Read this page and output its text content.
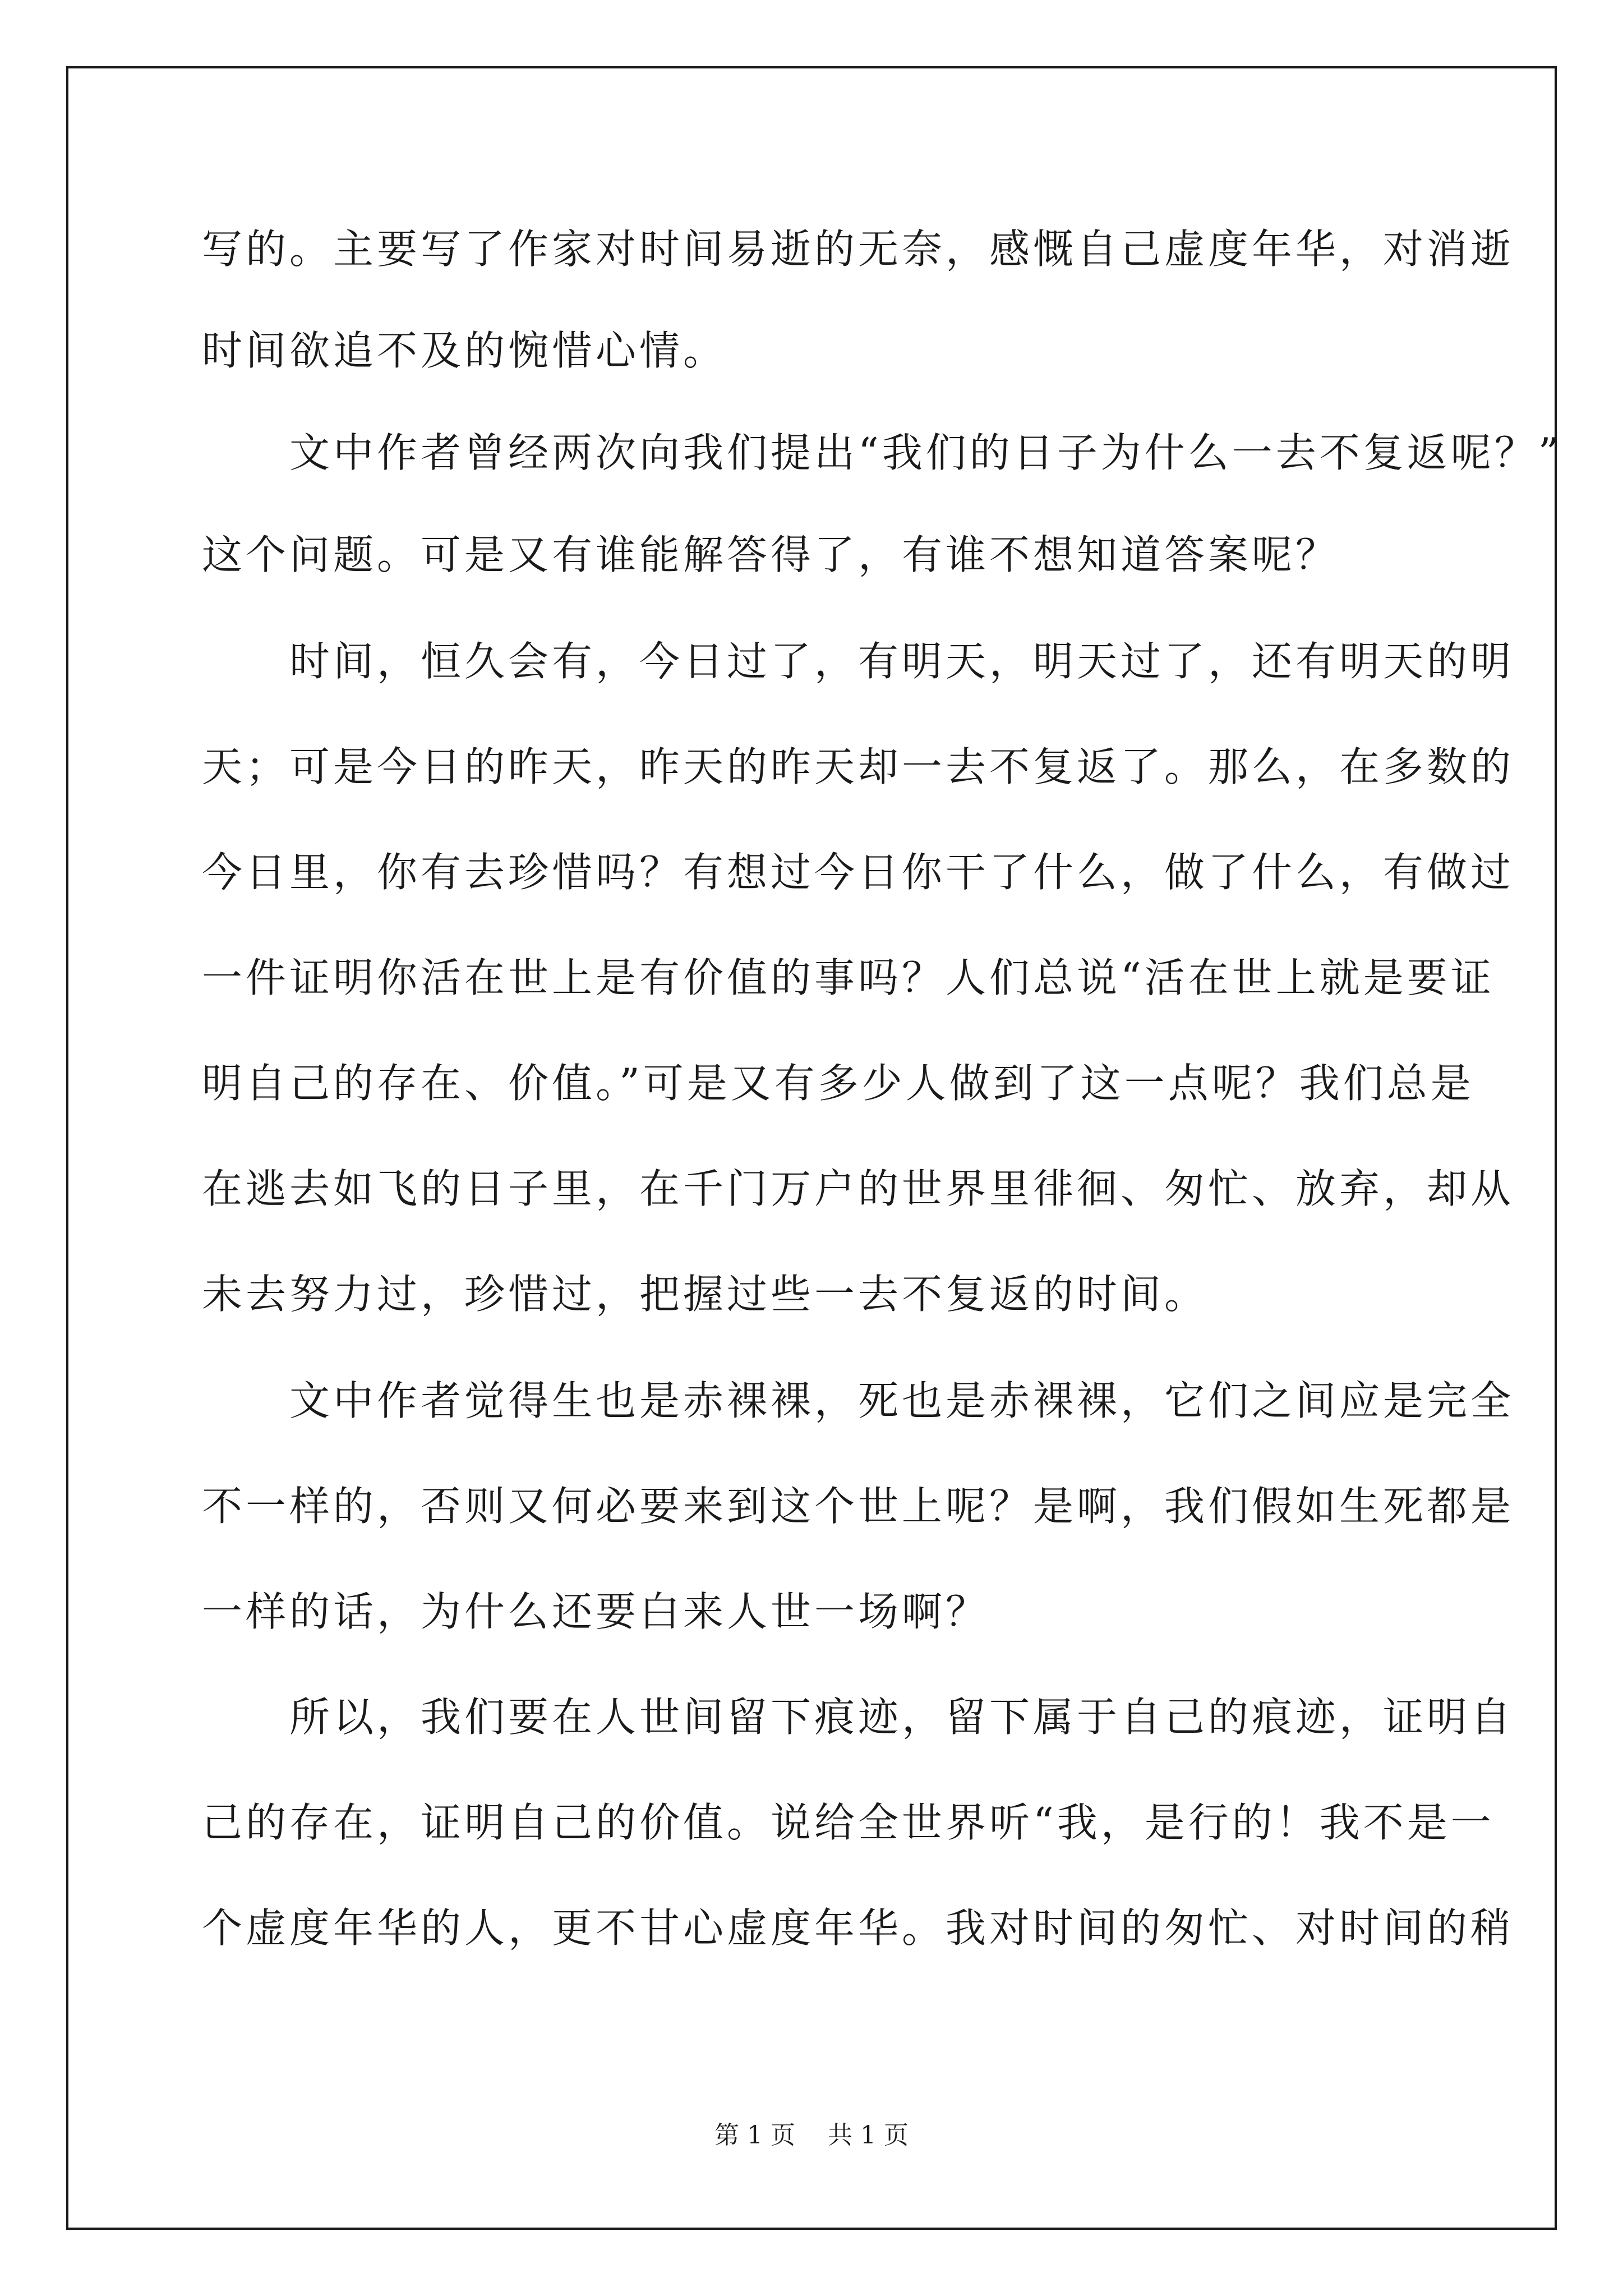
写的。主要写了作家对时间易逝的无奈，感慨自己虚度年华，对消逝
时间欲追不及的惋惜心情。
　　文中作者曾经两次向我们提出“我们的日子为什么一去不复返呢？”
这个问题。可是又有谁能解答得了，有谁不想知道答案呢？
　　时间，恒久会有，今日过了，有明天，明天过了，还有明天的明
天；可是今日的昨天，昨天的昨天却一去不复返了。那么，在多数的
今日里，你有去珍惜吗？有想过今日你干了什么，做了什么，有做过
一件证明你活在世上是有价值的事吗？人们总说“活在世上就是要证
明自己的存在、价值。”可是又有多少人做到了这一点呢？我们总是
在逃去如飞的日子里，在千门万户的世界里徘徊、匆忙、放弃，却从
未去努力过，珍惜过，把握过些一去不复返的时间。
　　文中作者觉得生也是赤裸裸，死也是赤裸裸，它们之间应是完全
不一样的，否则又何必要来到这个世上呢？是啊，我们假如生死都是
一样的话，为什么还要白来人世一场啊？
　　所以，我们要在人世间留下痕迹，留下属于自己的痕迹，证明自
己的存在，证明自己的价值。说给全世界听“我，是行的！我不是一
个虚度年华的人，更不甘心虚度年华。我对时间的匆忙、对时间的稍
第 1 页　 共 1 页
